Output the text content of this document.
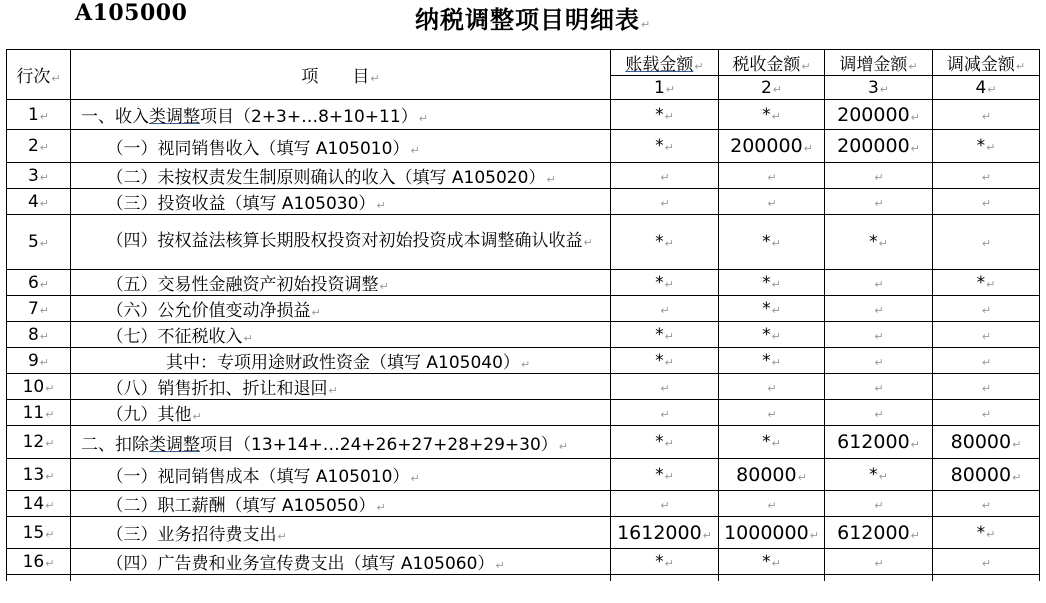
A105000	纳税调整项目明细表↵
行次↵	项　　目↵	账载金额↵	税收金额↵	调增金额↵	调减金额↵
		1↵	2↵	3↵	4↵
1↵	一、收入类调整项目（2+3+…8+10+11）↵	*↵	*↵	200000↵	↵
2↵	　　（一）视同销售收入（填写 A105010）↵	*↵	200000↵	200000↵	*↵
3↵	　　（二）未按权责发生制原则确认的收入（填写 A105020）↵	↵	↵	↵	↵
4↵	　　（三）投资收益（填写 A105030）↵	↵	↵	↵	↵
5↵	　　（四）按权益法核算长期股权投资对初始投资成本调整确认收益↵	*↵	*↵	*↵	↵
6↵	　　（五）交易性金融资产初始投资调整↵	*↵	*↵	↵	*↵
7↵	　　（六）公允价值变动净损益↵	↵	*↵	↵	↵
8↵	　　（七）不征税收入↵	*↵	*↵	↵	↵
9↵	　　　　　其中：专项用途财政性资金（填写 A105040）↵	*↵	*↵	↵	↵
10↵	　　（八）销售折扣、折让和退回↵	↵	↵	↵	↵
11↵	　　（九）其他↵	↵	↵	↵	↵
12↵	二、扣除类调整项目（13+14+…24+26+27+28+29+30）↵	*↵	*↵	612000↵	80000↵
13↵	　　（一）视同销售成本（填写 A105010）↵	*↵	80000↵	*↵	80000↵
14↵	　　（二）职工薪酬（填写 A105050）↵	↵	↵	↵	↵
15↵	　　（三）业务招待费支出↵	1612000↵	1000000↵	612000↵	*↵
16↵	　　（四）广告费和业务宣传费支出（填写 A105060）↵	*↵	*↵	↵	↵
